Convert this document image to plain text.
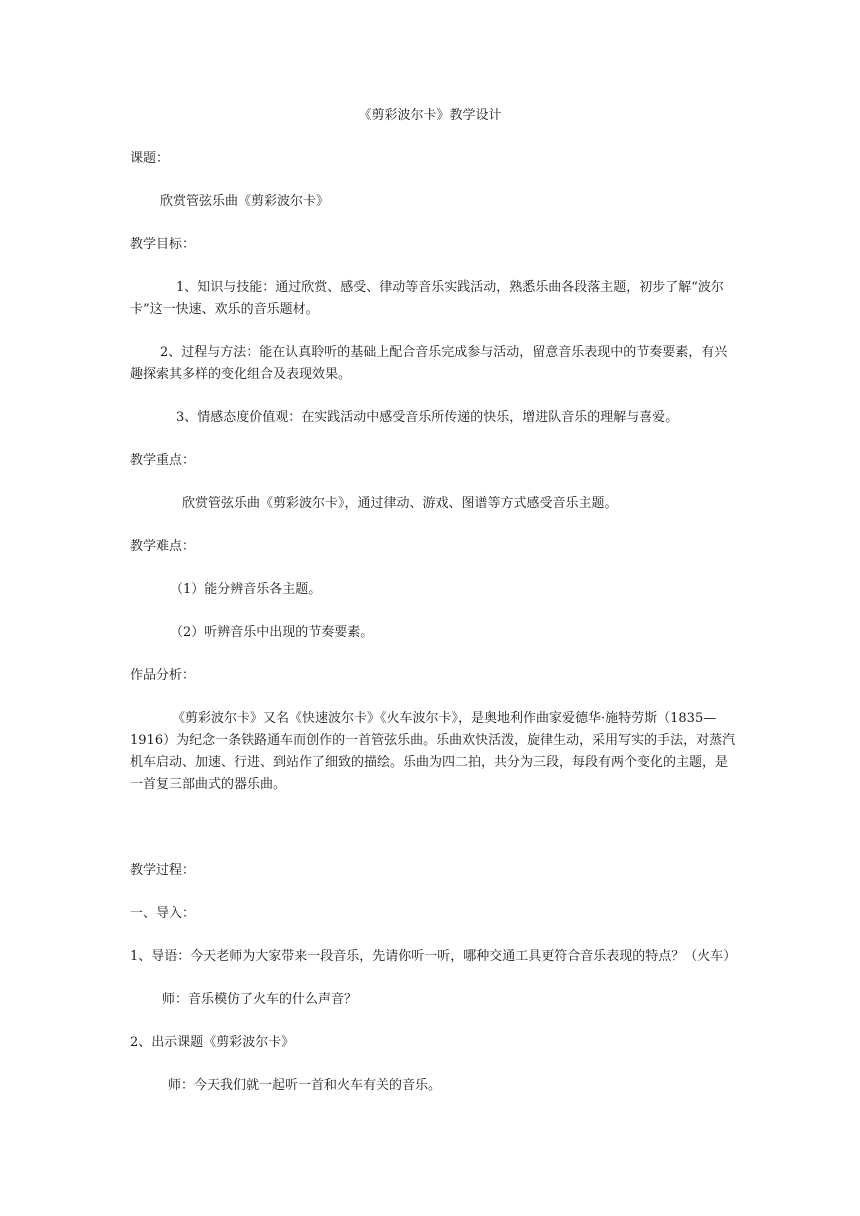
《剪彩波尔卡》教学设计
课题：
欣赏管弦乐曲《剪彩波尔卡》
教学目标：
1、知识与技能：通过欣赏、感受、律动等音乐实践活动，熟悉乐曲各段落主题，初步了解“波尔
卡”这一快速、欢乐的音乐题材。
2、过程与方法：能在认真聆听的基础上配合音乐完成参与活动，留意音乐表现中的节奏要素，有兴
趣探索其多样的变化组合及表现效果。
3、情感态度价值观：在实践活动中感受音乐所传递的快乐，增进队音乐的理解与喜爱。
教学重点：
欣赏管弦乐曲《剪彩波尔卡》，通过律动、游戏、图谱等方式感受音乐主题。
教学难点：
（1）能分辨音乐各主题。
（2）听辨音乐中出现的节奏要素。
作品分析：
《剪彩波尔卡》又名《快速波尔卡》《火车波尔卡》，是奥地利作曲家爱德华·施特劳斯（1835—
1916）为纪念一条铁路通车而创作的一首管弦乐曲。乐曲欢快活泼，旋律生动，采用写实的手法，对蒸汽
机车启动、加速、行进、到站作了细致的描绘。乐曲为四二拍，共分为三段，每段有两个变化的主题，是
一首复三部曲式的器乐曲。
教学过程：
一、导入：
1、导语：今天老师为大家带来一段音乐，先请你听一听，哪种交通工具更符合音乐表现的特点？（火车）
师：音乐模仿了火车的什么声音？
2、出示课题《剪彩波尔卡》
师：今天我们就一起听一首和火车有关的音乐。
